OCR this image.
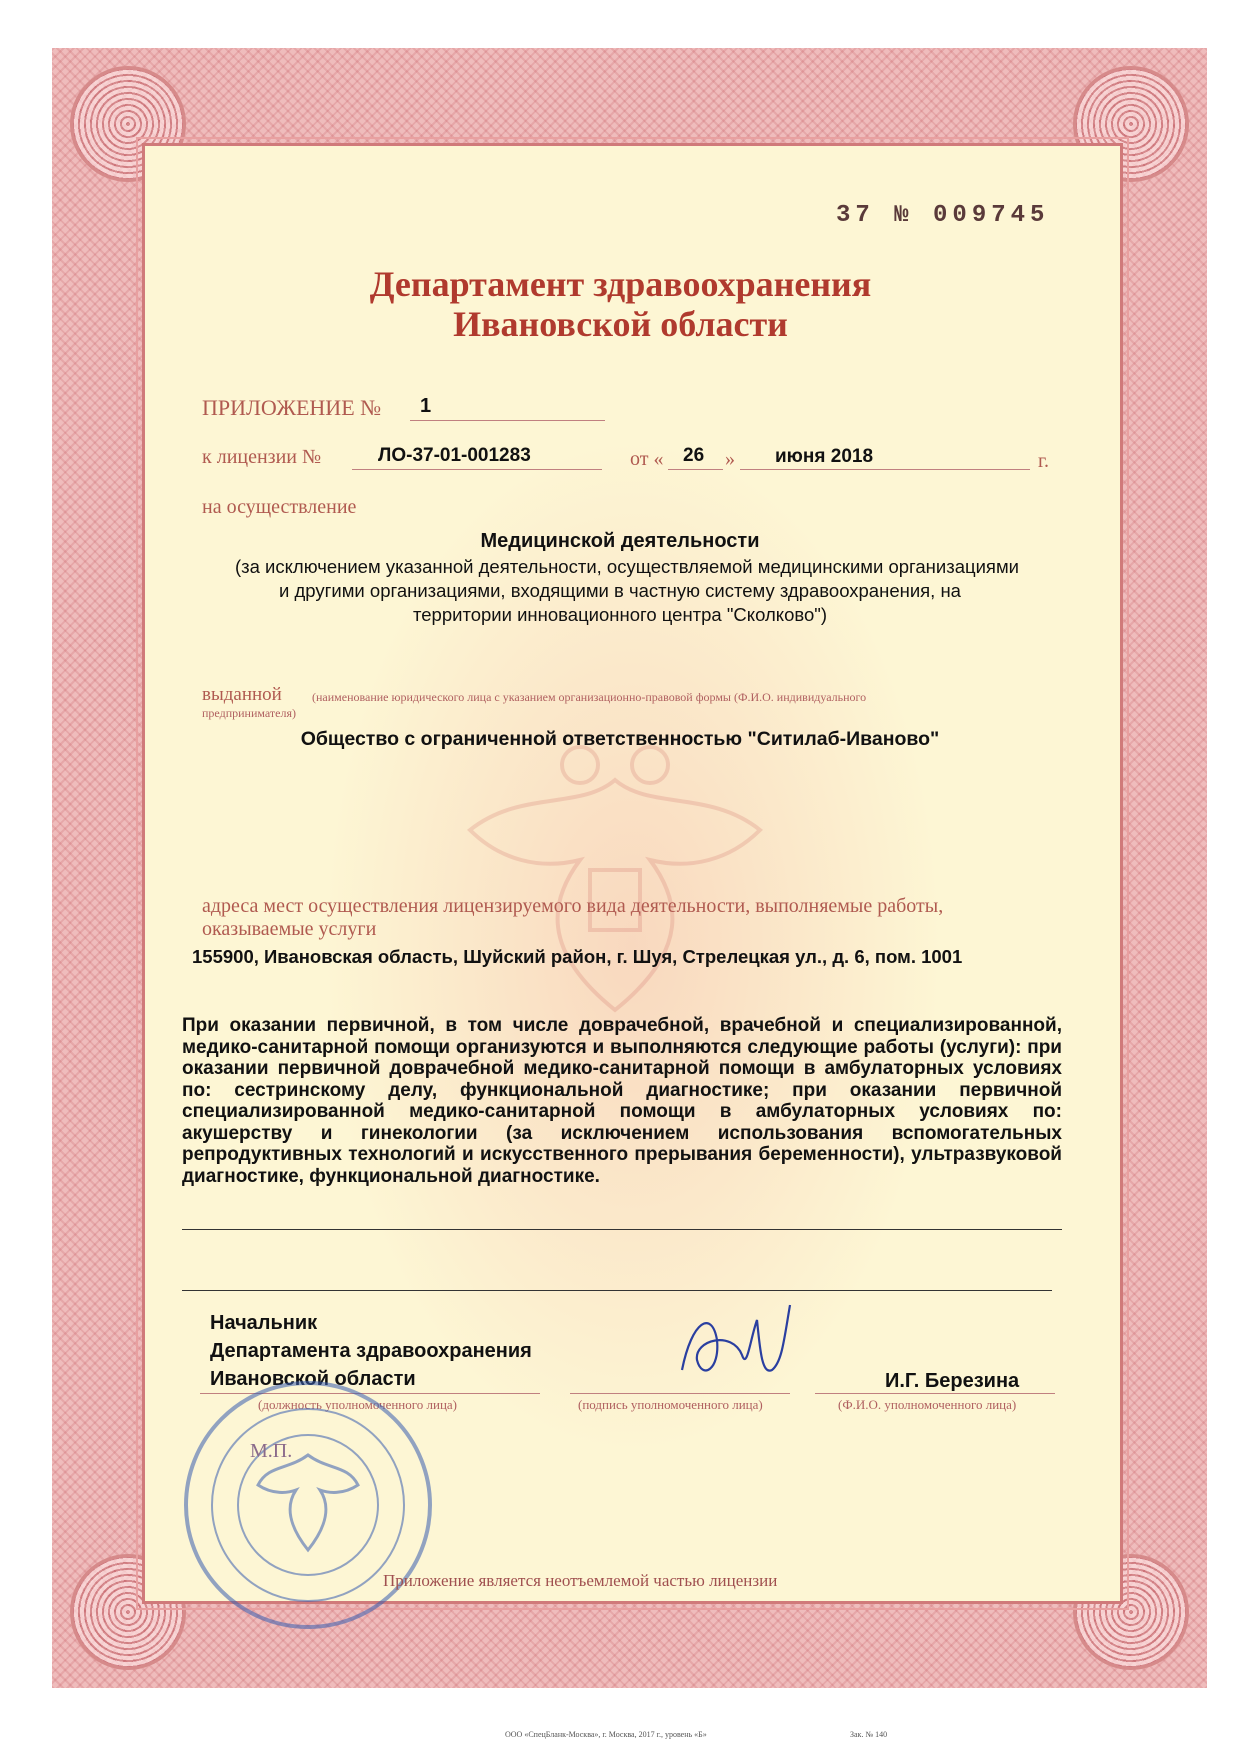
37 № 009745
Департамент здравоохранения
Ивановской области
ПРИЛОЖЕНИЕ № 1
к лицензии №	ЛО-37-01-001283	от « 26 » июня 2018	г.
на осуществление
Медицинской деятельности
(за исключением указанной деятельности, осуществляемой медицинскими организациями
и другими организациями, входящими в частную систему здравоохранения, на
территории инновационного центра "Сколково")
выданной	(наименование юридического лица с указанием организационно-правовой формы (Ф.И.О. индивидуального
предпринимателя)
Общество с ограниченной ответственностью "Ситилаб-Иваново"
адреса мест осуществления лицензируемого вида деятельности, выполняемые работы,
оказываемые услуги
155900, Ивановская область, Шуйский район, г. Шуя, Стрелецкая ул., д. 6, пом. 1001
При оказании первичной, в том числе доврачебной, врачебной и специализированной, медико-санитарной помощи организуются и выполняются следующие работы (услуги): при оказании первичной доврачебной медико-санитарной помощи в амбулаторных условиях по: сестринскому делу, функциональной диагностике; при оказании первичной специализированной медико-санитарной помощи в амбулаторных условиях по: акушерству и гинекологии (за исключением использования вспомогательных репродуктивных технологий и искусственного прерывания беременности), ультразвуковой диагностике, функциональной диагностике.
Начальник
Департамента здравоохранения
Ивановской области
(должность уполномоченного лица)	(подпись уполномоченного лица)
И.Г. Березина
(Ф.И.О. уполномоченного лица)
М.П.
Приложение является неотъемлемой частью лицензии
ООО «СпецБланк-Москва», г. Москва, 2017 г., уровень «Б»	Зак. № 140
